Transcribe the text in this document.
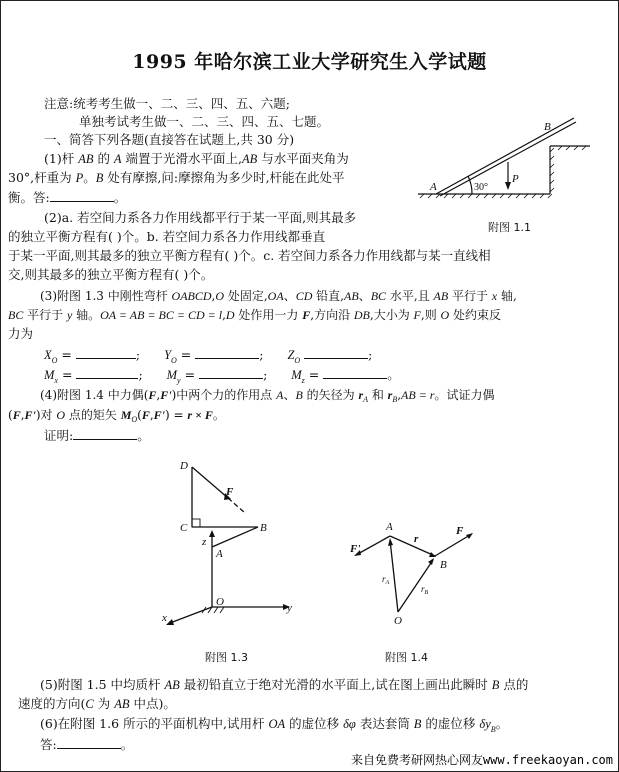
1995 年哈尔滨工业大学研究生入学试题
注意:统考考生做一、二、三、四、五、六题;
单独考试考生做一、二、三、四、五、七题。
一、简答下列各题(直接答在试题上,共 30 分)
(1)杆 AB 的 A 端置于光滑水平面上,AB 与水平面夹角为
30°,杆重为 P。B 处有摩擦,问:摩擦角为多少时,杆能在此处平
衡。答:	。
A
B
P
30°
附图 1.1
(2)a. 若空间力系各力作用线都平行于某一平面,则其最多
的独立平衡方程有( )个。b. 若空间力系各力作用线都垂直
于某一平面,则其最多的独立平衡方程有( )个。c. 若空间力系各力作用线都与某一直线相
交,则其最多的独立平衡方程有( )个。
(3)附图 1.3 中刚性弯杆 OABCD,O 处固定,OA、CD 铅直,AB、BC 水平,且 AB 平行于 x 轴,
BC 平行于 y 轴。OA = AB = BC = CD = l,D 处作用一力 F,方向沿 DB,大小为 F,则 O 处约束反
力为
$X_O$ =	; $Y_O$ =	; $Z_O$	;
$M_x$ =	; $M_y$ =	; $M_z$ =	。
(4)附图 1.4 中力偶(F,F')中两个力的作用点 A、B 的矢径为 $r_A$ 和 $r_B,AB = r$。试证力偶
(F,F')对 O 点的矩矢 $M_O(F,F') = r \times F$。
证明:	。
D
C	B
A
O
F
z
y
x
附图 1.3
A
B
O
F
F'
r
$r_A$
$r_B$
附图 1.4
(5)附图 1.5 中均质杆 AB 最初铅直立于绝对光滑的水平面上,试在图上画出此瞬时 B 点的
速度的方向(C 为 AB 中点)。
(6)在附图 1.6 所示的平面机构中,试用杆 OA 的虚位移 δφ 表达套筒 B 的虚位移 $\delta y_B$。
答:	。
来自免费考研网热心网友www.freekaoyan.com
